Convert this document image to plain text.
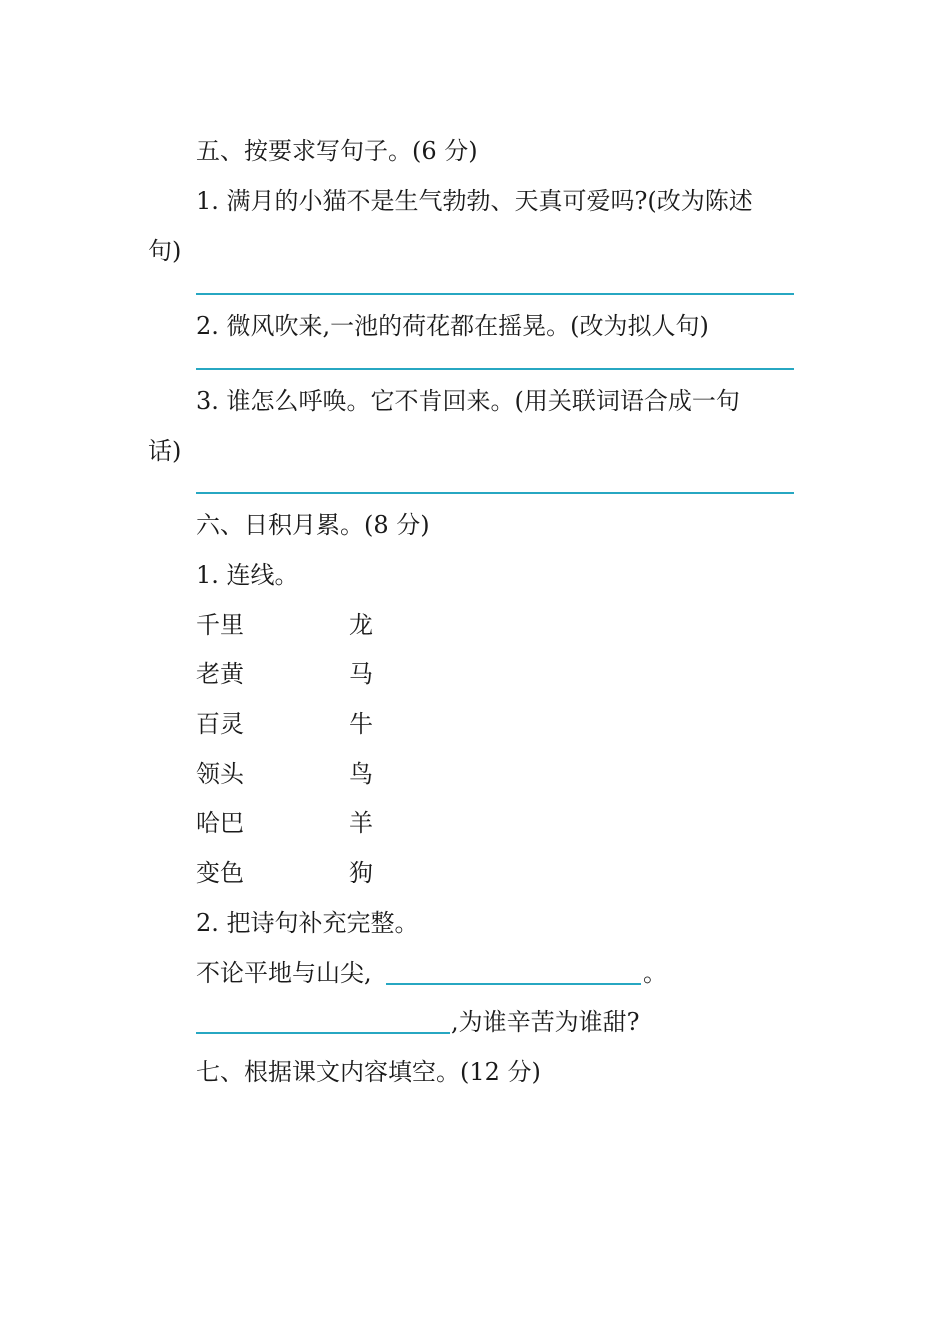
五、按要求写句子。(6 分)
1. 满月的小猫不是生气勃勃、天真可爱吗?(改为陈述
句)
2. 微风吹来,一池的荷花都在摇晃。(改为拟人句)
3. 谁怎么呼唤。它不肯回来。(用关联词语合成一句
话)
六、日积月累。(8 分)
1. 连线。
千里	龙
老黄	马
百灵	牛
领头	鸟
哈巴	羊
变色	狗
2. 把诗句补充完整。
不论平地与山尖,	。
,为谁辛苦为谁甜?
七、根据课文内容填空。(12 分)
